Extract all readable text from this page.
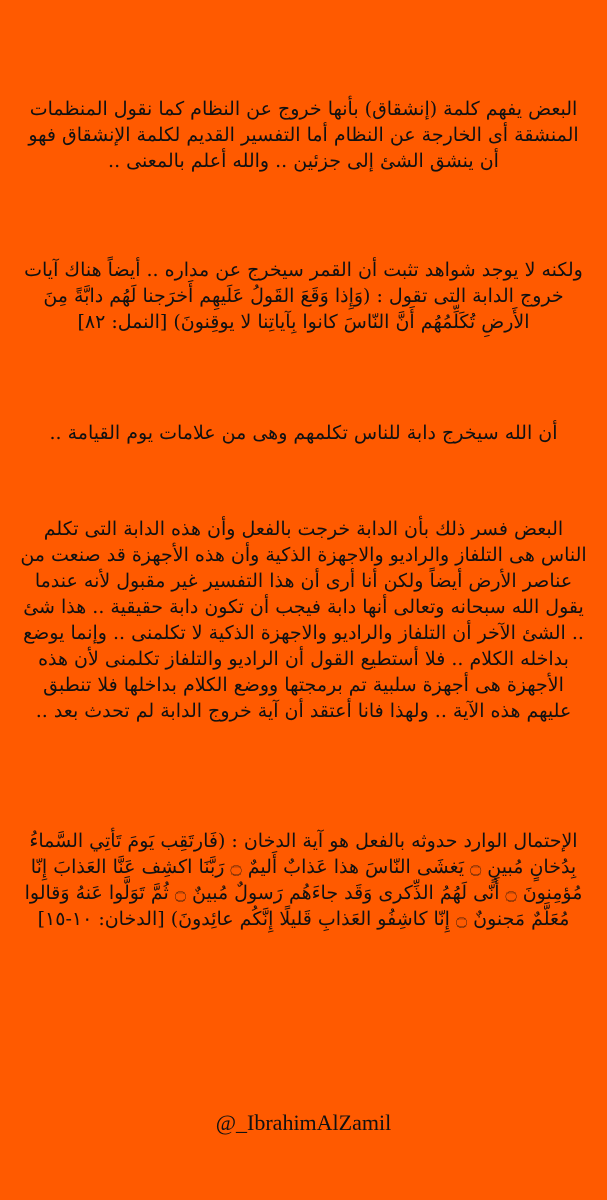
البعض يفهم كلمة (إنشقاق) بأنها خروج عن النظام كما نقول المنظمات المنشقة أى الخارجة عن النظام أما التفسير القديم لكلمة الإنشقاق فهو أن ينشق الشئ إلى جزئين .. والله أعلم بالمعنى ..
ولكنه لا يوجد شواهد تثبت أن القمر سيخرج عن مداره .. أيضاً هناك آيات خروج الدابة التى تقول : (وَإِذا وَقَعَ القَولُ عَلَيهِم أَخرَجنا لَهُم دابَّةً مِنَ الأَرضِ تُكَلِّمُهُم أَنَّ النّاسَ كانوا بِآياتِنا لا يوقِنونَ) [النمل: ٨٢]
أن الله سيخرج دابة للناس تكلمهم وهى من علامات يوم القيامة ..
البعض فسر ذلك بأن الدابة خرجت بالفعل وأن هذه الدابة التى تكلم الناس هى التلفاز والراديو والاجهزة الذكية وأن هذه الأجهزة قد صنعت من عناصر الأرض أيضاً ولكن أنا أرى أن هذا التفسير غير مقبول لأنه عندما يقول الله سبحانه وتعالى أنها دابة فيجب أن تكون دابة حقيقية .. هذا شئ .. الشئ الآخر أن التلفاز والراديو والاجهزة الذكية لا تكلمنى .. وإنما يوضع بداخله الكلام .. فلا أستطيع القول أن الراديو والتلفاز تكلمنى لأن هذه الأجهزة هى أجهزة سلبية تم برمجتها ووضع الكلام بداخلها فلا تنطبق عليهم هذه الآية .. ولهذا فانا أعتقد أن آية خروج الدابة لم تحدث بعد ..
الإحتمال الوارد حدوثه بالفعل هو آية الدخان : (فَارتَقِب يَومَ تَأتِي السَّماءُ بِدُخانٍ مُبينٍ ۝ يَغشَى النّاسَ هذا عَذابٌ أَليمٌ ۝ رَبَّنَا اكشِف عَنَّا العَذابَ إِنّا مُؤمِنونَ ۝ أَنّى لَهُمُ الذِّكرى وَقَد جاءَهُم رَسولٌ مُبينٌ ۝ ثُمَّ تَوَلَّوا عَنهُ وَقالوا مُعَلَّمٌ مَجنونٌ ۝ إِنّا كاشِفُو العَذابِ قَليلًا إِنَّكُم عائِدونَ) [الدخان: ١٠-١٥]
@_IbrahimAlZamil
